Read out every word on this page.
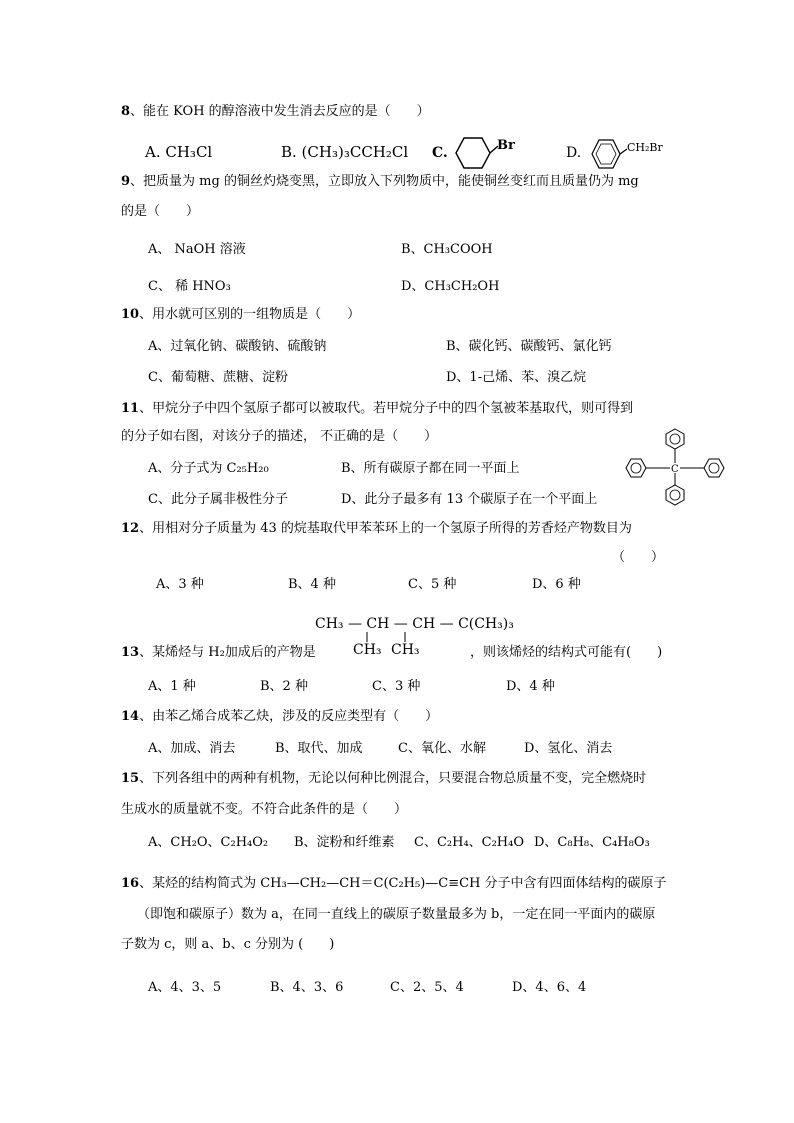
8、能在 KOH 的醇溶液中发生消去反应的是（　　）
A. CH₃Cl	B. (CH₃)₃CCH₂Cl C.	Br	D.	CH₂Br
9、把质量为 mg 的铜丝灼烧变黑，立即放入下列物质中，能使铜丝变红而且质量仍为 mg
的是（　　）
A、 NaOH 溶液	B、CH₃COOH
C、 稀 HNO₃	D、CH₃CH₂OH
10、用水就可区别的一组物质是（　　）
A、过氧化钠、碳酸钠、硫酸钠	B、碳化钙、碳酸钙、氯化钙
C、葡萄糖、蔗糖、淀粉	D、1-己烯、苯、溴乙烷
11、甲烷分子中四个氢原子都可以被取代。若甲烷分子中的四个氢被苯基取代，则可得到
的分子如右图，对该分子的描述， 不正确的是（　　）
A、分子式为 C₂₅H₂₀	B、所有碳原子都在同一平面上
C、此分子属非极性分子	D、此分子最多有 13 个碳原子在一个平面上
C
12、用相对分子质量为 43 的烷基取代甲苯苯环上的一个氢原子所得的芳香烃产物数目为
（　　）
A、3 种	B、4 种	C、5 种	D、6 种
CH₃ — CH — CH — C(CH₃)₃
CH₃ CH₃
13、某烯烃与 H₂加成后的产物是	，则该烯烃的结构式可能有(　　)
A、1 种	B、2 种	C、3 种	D、4 种
14、由苯乙烯合成苯乙炔，涉及的反应类型有（　　）
A、加成、消去	B、取代、加成	C、氧化、水解	D、氢化、消去
15、下列各组中的两种有机物，无论以何种比例混合，只要混合物总质量不变，完全燃烧时
生成水的质量就不变。不符合此条件的是（　　）
A、CH₂O、C₂H₄O₂ B、淀粉和纤维素 C、C₂H₄、C₂H₄O D、C₈H₈、C₄H₈O₃
16、某烃的结构简式为 CH₃—CH₂—CH＝C(C₂H₅)—C≡CH 分子中含有四面体结构的碳原子
（即饱和碳原子）数为 a，在同一直线上的碳原子数量最多为 b，一定在同一平面内的碳原
子数为 c，则 a、b、c 分别为 (　　)
A、4、3、5	B、4、3、6	C、2、5、4	D、4、6、4
